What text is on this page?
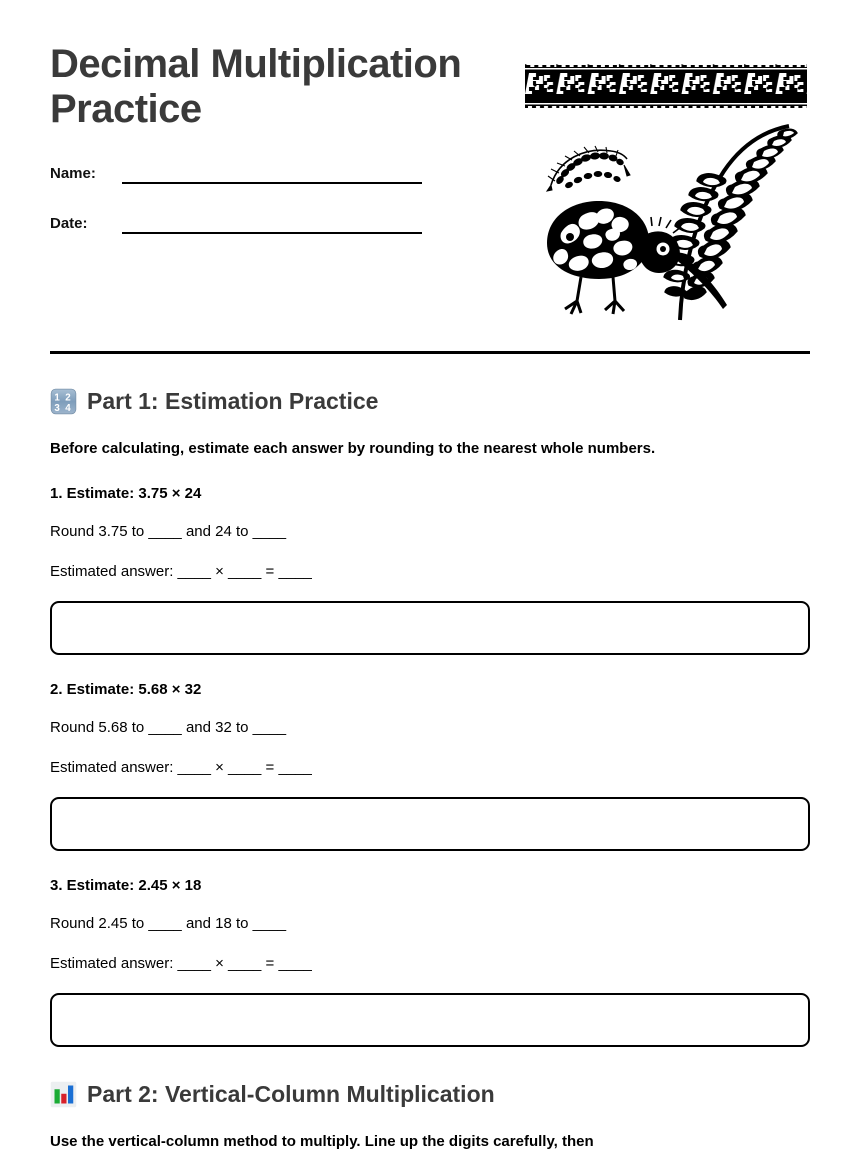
Decimal Multiplication Practice
Name:
Date:
1 2
3 4 Part 1: Estimation Practice
Before calculating, estimate each answer by rounding to the nearest whole numbers.
1. Estimate: 3.75 × 24
Round 3.75 to ____ and 24 to ____
Estimated answer: ____ × ____ = ____
2. Estimate: 5.68 × 32
Round 5.68 to ____ and 32 to ____
Estimated answer: ____ × ____ = ____
3. Estimate: 2.45 × 18
Round 2.45 to ____ and 18 to ____
Estimated answer: ____ × ____ = ____
Part 2: Vertical-Column Multiplication
Use the vertical-column method to multiply. Line up the digits carefully, then
